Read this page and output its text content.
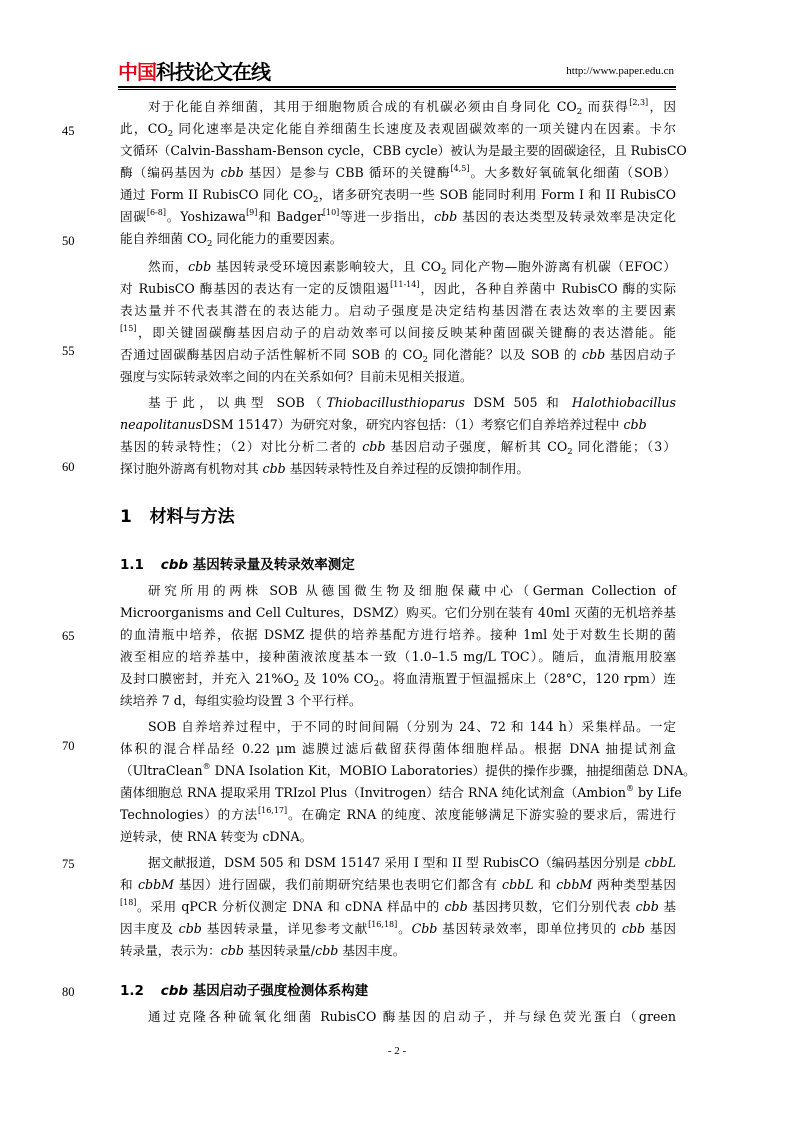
中国科技论文在线	http://www.paper.edu.cn
45
50
55
60
65
70
75
80
对于化能自养细菌，其用于细胞物质合成的有机碳必须由自身同化 $CO_2$ 而获得[2,3]，因
此，$CO_2$ 同化速率是决定化能自养细菌生长速度及表观固碳效率的一项关键内在因素。卡尔
文循环（Calvin-Bassham-Benson cycle，CBB cycle）被认为是最主要的固碳途径，且 RubisCO
酶（编码基因为 cbb 基因）是参与 CBB 循环的关键酶[4,5]。大多数好氧硫氧化细菌（SOB）
通过 Form II RubisCO 同化 $CO_2$，诸多研究表明一些 SOB 能同时利用 Form I 和 II RubisCO
固碳[6-8]。Yoshizawa[9]和 Badger[10]等进一步指出，cbb 基因的表达类型及转录效率是决定化
能自养细菌 $CO_2$ 同化能力的重要因素。
然而，cbb 基因转录受环境因素影响较大，且 $CO_2$ 同化产物—胞外游离有机碳（EFOC）
对 RubisCO 酶基因的表达有一定的反馈阻遏[11-14]，因此，各种自养菌中 RubisCO 酶的实际
表达量并不代表其潜在的表达能力。启动子强度是决定结构基因潜在表达效率的主要因素
[15]，即关键固碳酶基因启动子的启动效率可以间接反映某种菌固碳关键酶的表达潜能。能
否通过固碳酶基因启动子活性解析不同 SOB 的 $CO_2$ 同化潜能？以及 SOB 的 cbb 基因启动子
强度与实际转录效率之间的内在关系如何？目前未见相关报道。
基于此，以典型 SOB（Thiobacillusthioparus DSM 505 和 Halothiobacillus
neapolitanusDSM 15147）为研究对象，研究内容包括：（1）考察它们自养培养过程中 cbb
基因的转录特性；（2）对比分析二者的 cbb 基因启动子强度，解析其 $CO_2$ 同化潜能；（3）
探讨胞外游离有机物对其 cbb 基因转录特性及自养过程的反馈抑制作用。
1 材料与方法
1.1 cbb 基因转录量及转录效率测定
研究所用的两株 SOB 从德国微生物及细胞保藏中心（German Collection of
Microorganisms and Cell Cultures，DSMZ）购买。它们分别在装有 40ml 灭菌的无机培养基
的血清瓶中培养，依据 DSMZ 提供的培养基配方进行培养。接种 1ml 处于对数生长期的菌
液至相应的培养基中，接种菌液浓度基本一致（1.0–1.5 mg/L TOC）。随后，血清瓶用胶塞
及封口膜密封，并充入 $21\%O_2$ 及 10% $CO_2$。将血清瓶置于恒温摇床上（28°C，120 rpm）连
续培养 7 d，每组实验均设置 3 个平行样。
SOB 自养培养过程中，于不同的时间间隔（分别为 24、72 和 144 h）采集样品。一定
体积的混合样品经 0.22 μm 滤膜过滤后截留获得菌体细胞样品。根据 DNA 抽提试剂盒
（UltraClean® DNA Isolation Kit，MOBIO Laboratories）提供的操作步骤，抽提细菌总 DNA。
菌体细胞总 RNA 提取采用 TRIzol Plus（Invitrogen）结合 RNA 纯化试剂盒（Ambion® by Life
Technologies）的方法[16,17]。在确定 RNA 的纯度、浓度能够满足下游实验的要求后，需进行
逆转录，使 RNA 转变为 cDNA。
据文献报道，DSM 505 和 DSM 15147 采用 I 型和 II 型 RubisCO（编码基因分别是 cbbL
和 cbbM 基因）进行固碳，我们前期研究结果也表明它们都含有 cbbL 和 cbbM 两种类型基因
[18]。采用 qPCR 分析仪测定 DNA 和 cDNA 样品中的 cbb 基因拷贝数，它们分别代表 cbb 基
因丰度及 cbb 基因转录量，详见参考文献[16,18]。Cbb 基因转录效率，即单位拷贝的 cbb 基因
转录量，表示为：cbb 基因转录量/cbb 基因丰度。
1.2 cbb 基因启动子强度检测体系构建
通过克隆各种硫氧化细菌 RubisCO 酶基因的启动子，并与绿色荧光蛋白（green
- 2 -
